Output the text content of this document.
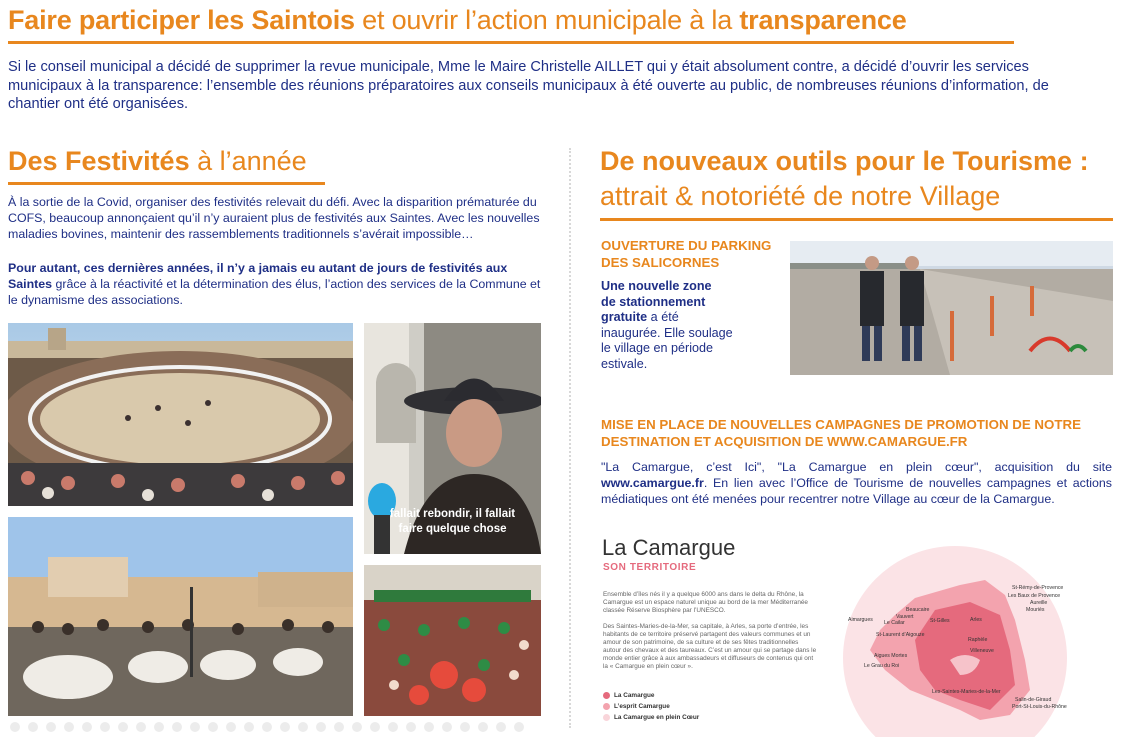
Faire participer les Saintois et ouvrir l’action municipale à la transparence
Si le conseil municipal a décidé de supprimer la revue municipale, Mme le Maire Christelle AILLET qui y était absolument contre, a décidé d’ouvrir les services municipaux à la transparence: l’ensemble des réunions préparatoires aux conseils municipaux à été ouverte au public, de nombreuses réunions d’information, de chantier ont été organisées.
Des Festivités à l’année
À la sortie de la Covid, organiser des festivités relevait du défi. Avec la disparition prématurée du COFS, beaucoup annonçaient qu’il n’y auraient plus de festivités aux Saintes. Avec les nouvelles maladies bovines, maintenir des rassemblements traditionnels s’avérait impossible…
Pour autant, ces dernières années, il n’y a jamais eu autant de jours de festivités aux Saintes grâce à la réactivité et la détermination des élus, l’action des services de la Commune et le dynamisme des associations.
fallait rebondir, il fallait
faire quelque chose
De nouveaux outils pour le Tourisme :
attrait & notoriété de notre Village
OUVERTURE DU PARKING
DES SALICORNES
Une nouvelle zone
de stationnement
gratuite a été
inaugurée. Elle soulage
le village en période
estivale.
MISE EN PLACE DE NOUVELLES CAMPAGNES DE PROMOTION DE NOTRE
DESTINATION ET ACQUISITION DE WWW.CAMARGUE.FR
"La Camargue, c’est Ici", "La Camargue en plein cœur", acquisition du site www.camargue.fr. En lien avec l’Office de Tourisme de nouvelles campagnes et actions médiatiques ont été menées pour recentrer notre Village au cœur de la Camargue.
La Camargue
SON TERRITOIRE
Ensemble d’îles nés il y a quelque 6000 ans dans le delta du Rhône, la Camargue est un espace naturel unique au bord de la mer Méditerranée classée Réserve Biosphère par l’UNESCO.
Des Saintes-Maries-de-la-Mer, sa capitale, à Arles, sa porte d’entrée, les habitants de ce territoire préservé partagent des valeurs communes et un amour de son patrimoine, de sa culture et de ses fêtes traditionnelles autour des chevaux et des taureaux. C’est un amour qui se partage dans le monde entier grâce à aux ambassadeurs et diffuseurs de contenus qui ont la « Camargue en plein cœur ».
La Camargue
L’esprit Camargue
La Camargue en plein Cœur
St-Rémy-de-Provence
Les Baux de Provence
Aureille
Mouriès
Beaucaire
Vauvert
Le Cailar
Aimargues	St-Gilles	Arles
St-Laurent d’Aigouze
Aigues Mortes
Le Grau du Roi
Raphèle
Villeneuve
Les-Saintes-Maries-de-la-Mer
Salin-de-Giraud
Port-St-Louis-du-Rhône
